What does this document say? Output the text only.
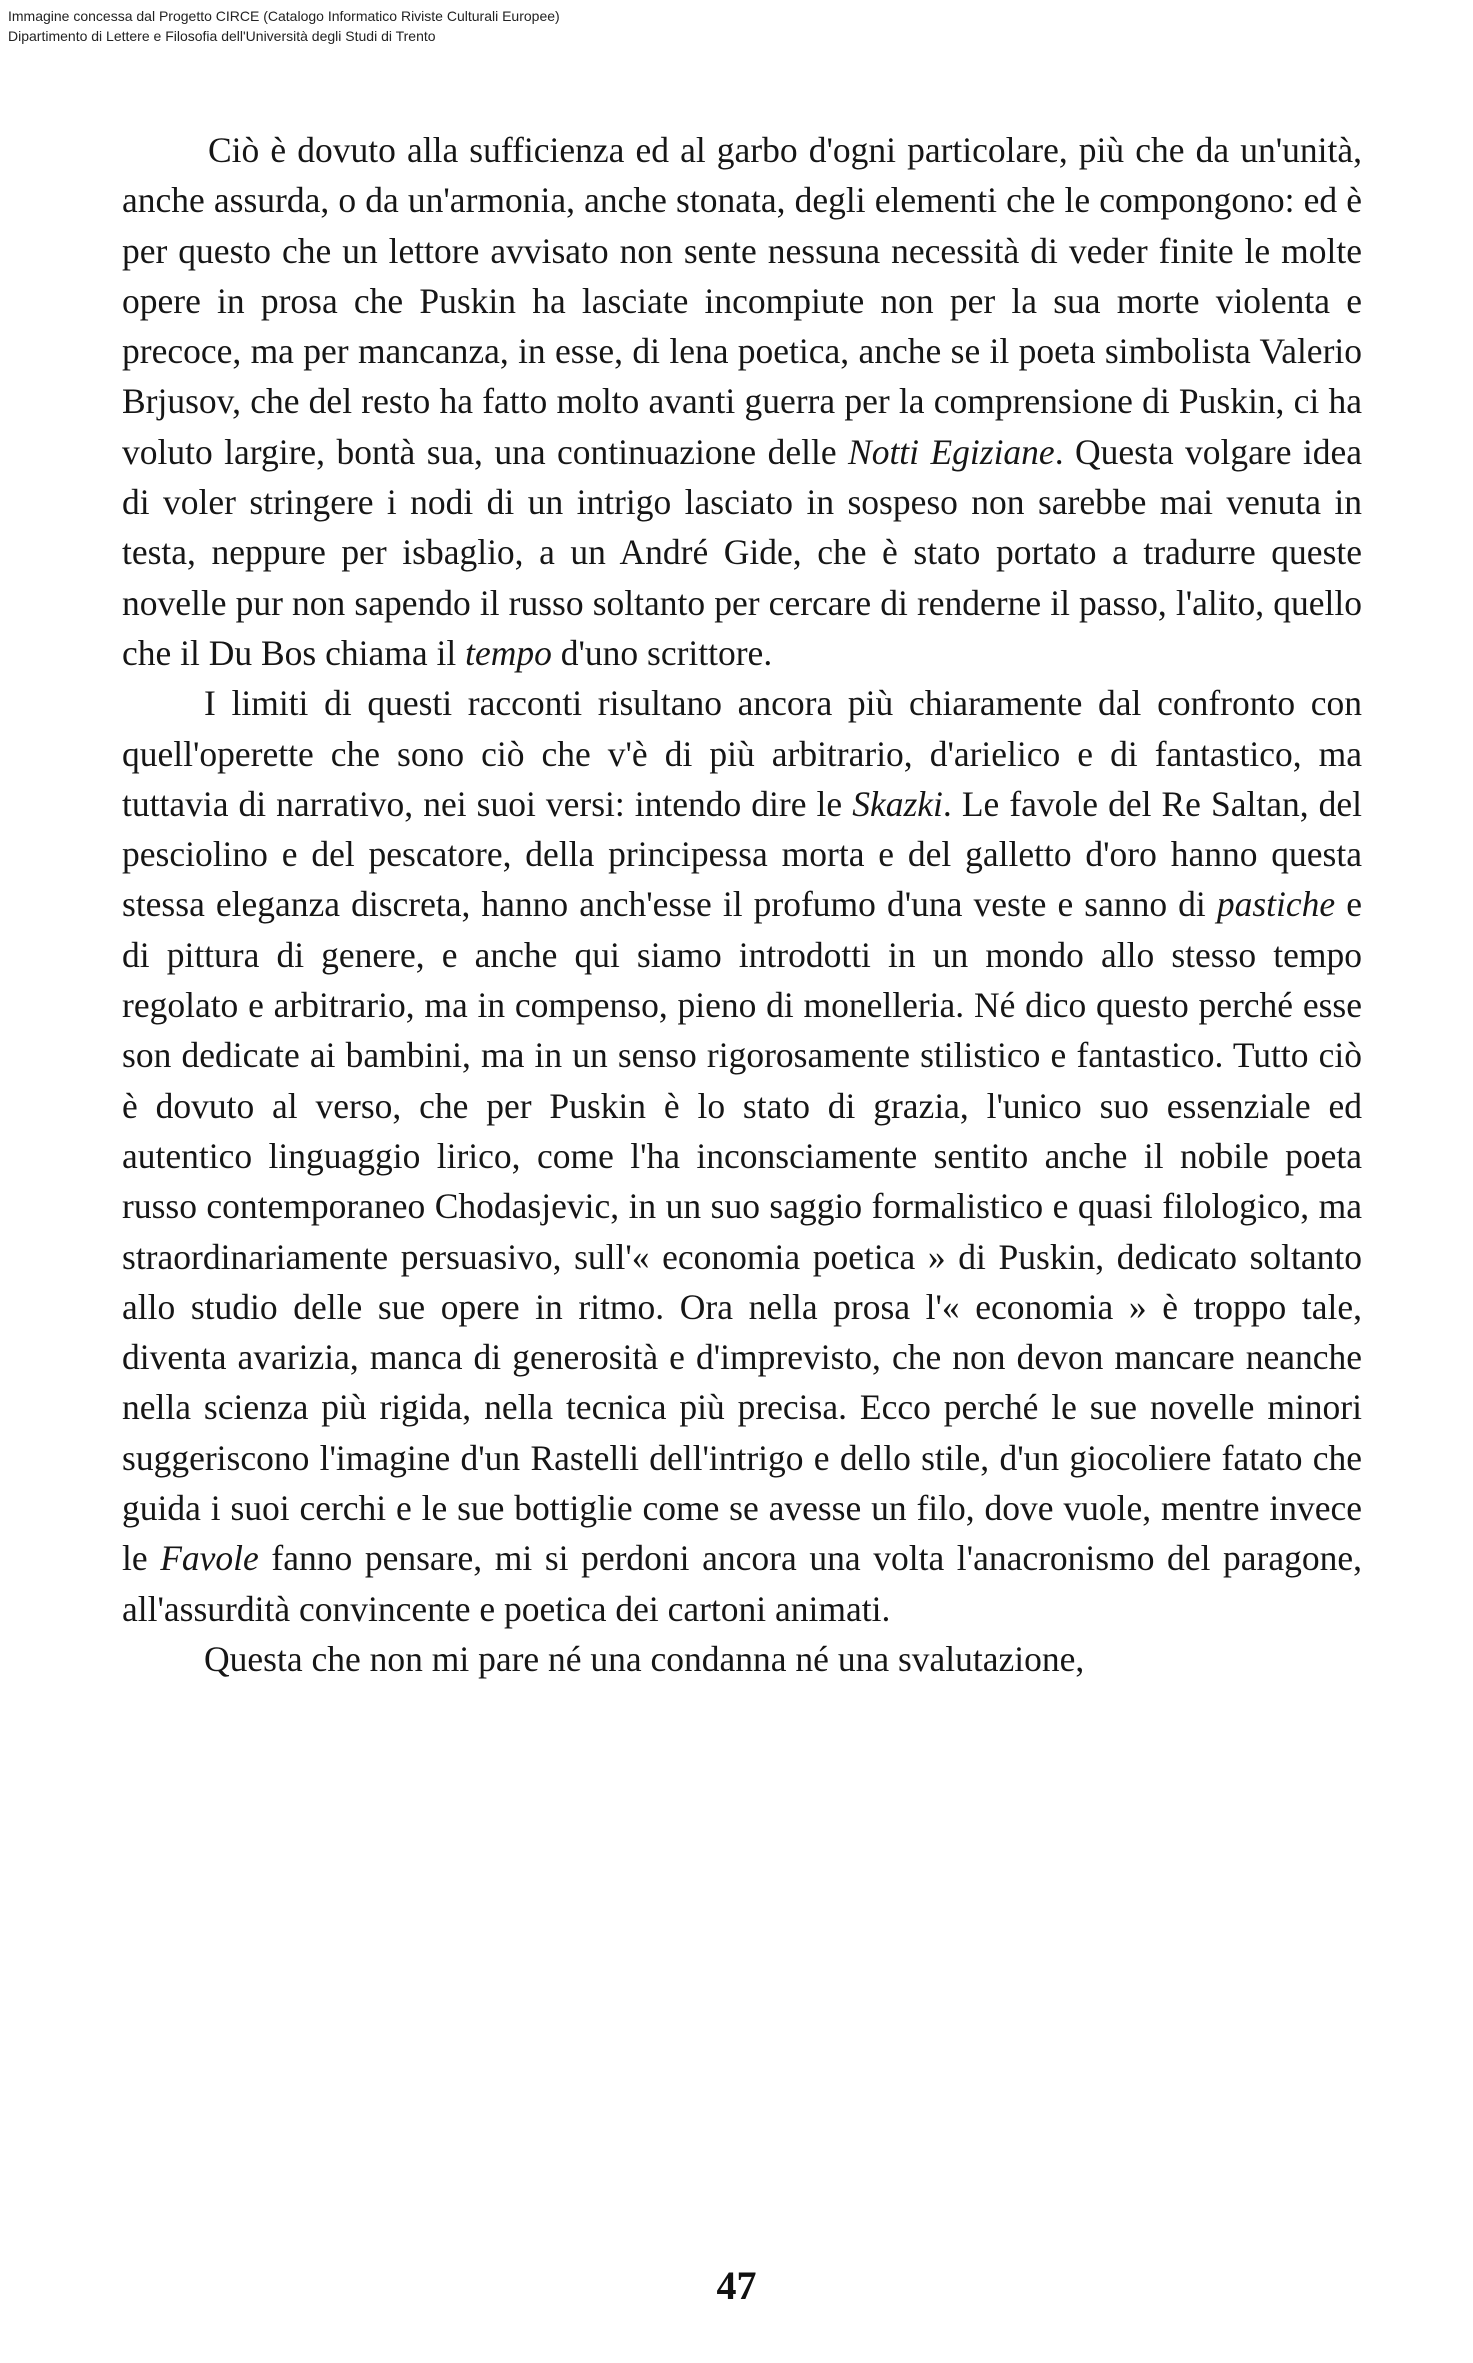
Immagine concessa dal Progetto CIRCE (Catalogo Informatico Riviste Culturali Europee)
Dipartimento di Lettere e Filosofia dell'Università degli Studi di Trento

Ciò è dovuto alla sufficienza ed al garbo d'ogni particolare, più che da un'unità, anche assurda, o da un'armonia, anche stonata, degli elementi che le compongono: ed è per questo che un lettore avvisato non sente nessuna necessità di veder finite le molte opere in prosa che Puskin ha lasciate incompiute non per la sua morte violenta e precoce, ma per mancanza, in esse, di lena poetica, anche se il poeta simbolista Valerio Brjusov, che del resto ha fatto molto avanti guerra per la comprensione di Puskin, ci ha voluto largire, bontà sua, una continuazione delle Notti Egiziane. Questa volgare idea di voler stringere i nodi di un intrigo lasciato in sospeso non sarebbe mai venuta in testa, neppure per isbaglio, a un André Gide, che è stato portato a tradurre queste novelle pur non sapendo il russo soltanto per cercare di renderne il passo, l'alito, quello che il Du Bos chiama il tempo d'uno scrittore.

I limiti di questi racconti risultano ancora più chiaramente dal confronto con quell'operette che sono ciò che v'è di più arbitrario, d'arielico e di fantastico, ma tuttavia di narrativo, nei suoi versi: intendo dire le Skazki. Le favole del Re Saltan, del pesciolino e del pescatore, della principessa morta e del galletto d'oro hanno questa stessa eleganza discreta, hanno anch'esse il profumo d'una veste e sanno di pastiche e di pittura di genere, e anche qui siamo introdotti in un mondo allo stesso tempo regolato e arbitrario, ma in compenso, pieno di monelleria. Né dico questo perché esse son dedicate ai bambini, ma in un senso rigorosamente stilistico e fantastico. Tutto ciò è dovuto al verso, che per Puskin è lo stato di grazia, l'unico suo essenziale ed autentico linguaggio lirico, come l'ha inconsciamente sentito anche il nobile poeta russo contemporaneo Chodasjevic, in un suo saggio formalistico e quasi filologico, ma straordinariamente persuasivo, sull'« economia poetica » di Puskin, dedicato soltanto allo studio delle sue opere in ritmo. Ora nella prosa l'« economia » è troppo tale, diventa avarizia, manca di generosità e d'imprevisto, che non devon mancare neanche nella scienza più rigida, nella tecnica più precisa. Ecco perché le sue novelle minori suggeriscono l'imagine d'un Rastelli dell'intrigo e dello stile, d'un giocoliere fatato che guida i suoi cerchi e le sue bottiglie come se avesse un filo, dove vuole, mentre invece le Favole fanno pensare, mi si perdoni ancora una volta l'anacronismo del paragone, all'assurdità convincente e poetica dei cartoni animati.

Questa che non mi pare né una condanna né una svalutazione,

47
